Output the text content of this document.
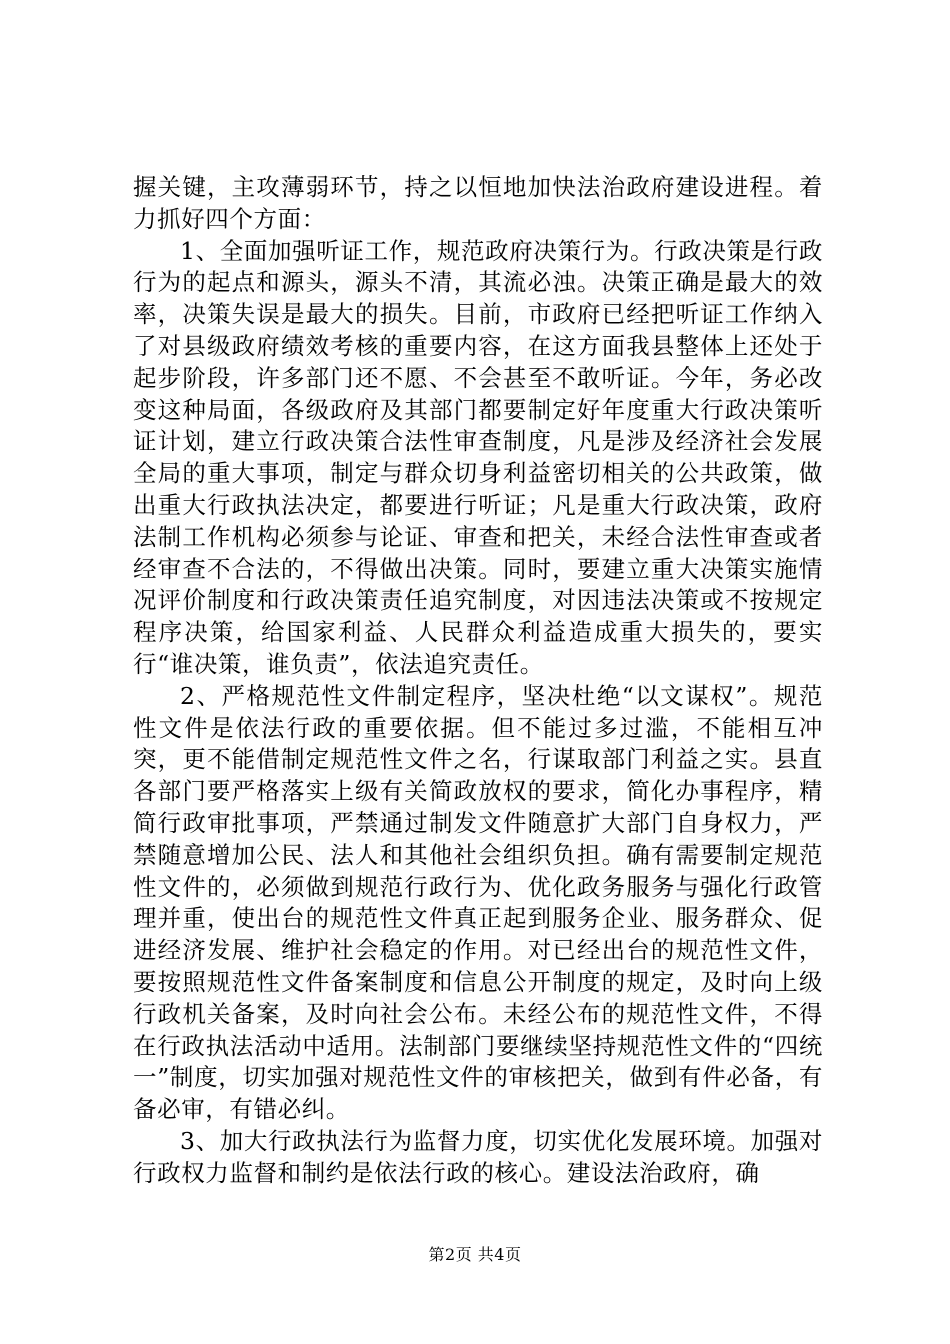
握关键，主攻薄弱环节，持之以恒地加快法治政府建设进程。着力抓好四个方面：

1、全面加强听证工作，规范政府决策行为。行政决策是行政行为的起点和源头，源头不清，其流必浊。决策正确是最大的效率，决策失误是最大的损失。目前，市政府已经把听证工作纳入了对县级政府绩效考核的重要内容，在这方面我县整体上还处于起步阶段，许多部门还不愿、不会甚至不敢听证。今年，务必改变这种局面，各级政府及其部门都要制定好年度重大行政决策听证计划，建立行政决策合法性审查制度，凡是涉及经济社会发展全局的重大事项，制定与群众切身利益密切相关的公共政策，做出重大行政执法决定，都要进行听证；凡是重大行政决策，政府法制工作机构必须参与论证、审查和把关，未经合法性审查或者经审查不合法的，不得做出决策。同时，要建立重大决策实施情况评价制度和行政决策责任追究制度，对因违法决策或不按规定程序决策，给国家利益、人民群众利益造成重大损失的，要实行“谁决策，谁负责”，依法追究责任。

2、严格规范性文件制定程序，坚决杜绝“以文谋权”。规范性文件是依法行政的重要依据。但不能过多过滥，不能相互冲突，更不能借制定规范性文件之名，行谋取部门利益之实。县直各部门要严格落实上级有关简政放权的要求，简化办事程序，精简行政审批事项，严禁通过制发文件随意扩大部门自身权力，严禁随意增加公民、法人和其他社会组织负担。确有需要制定规范性文件的，必须做到规范行政行为、优化政务服务与强化行政管理并重，使出台的规范性文件真正起到服务企业、服务群众、促进经济发展、维护社会稳定的作用。对已经出台的规范性文件，要按照规范性文件备案制度和信息公开制度的规定，及时向上级行政机关备案，及时向社会公布。未经公布的规范性文件，不得在行政执法活动中适用。法制部门要继续坚持规范性文件的“四统一”制度，切实加强对规范性文件的审核把关，做到有件必备，有备必审，有错必纠。

3、加大行政执法行为监督力度，切实优化发展环境。加强对行政权力监督和制约是依法行政的核心。建设法治政府，确

第2页 共4页
